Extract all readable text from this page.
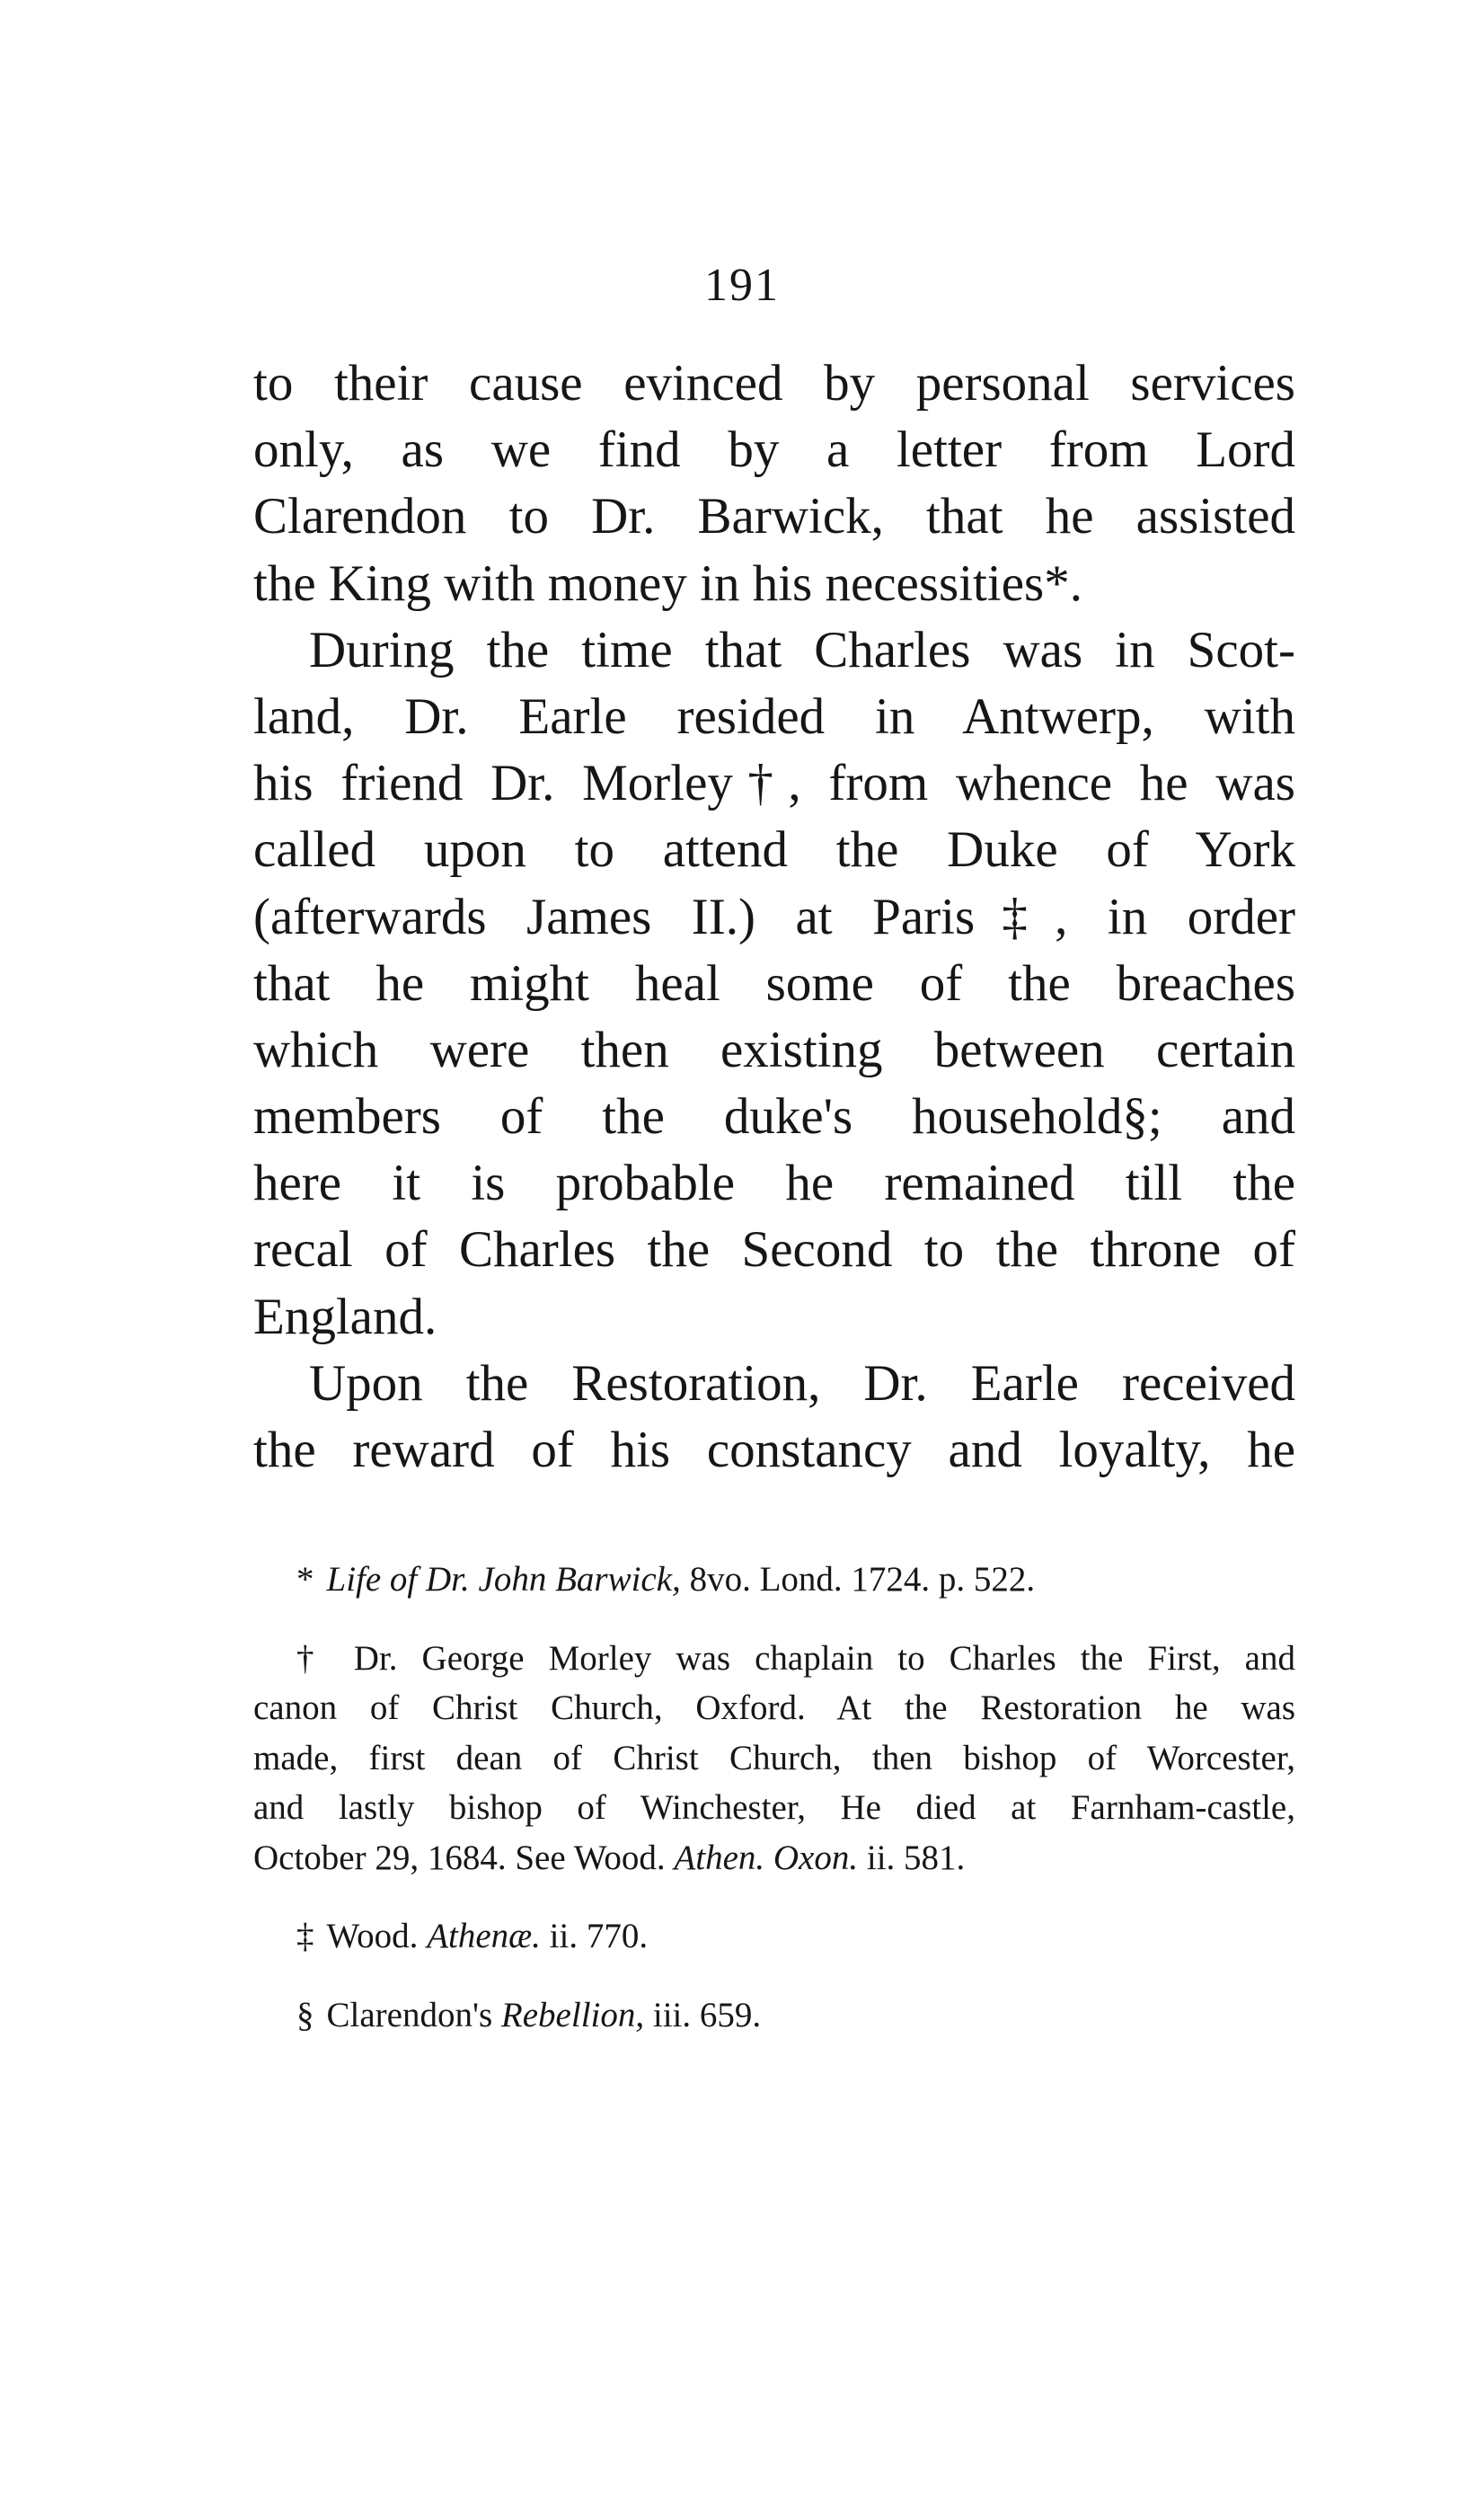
191
to their cause evinced by personal services
only, as we find by a letter from Lord
Clarendon to Dr. Barwick, that he assisted
the King with money in his necessities*.
During the time that Charles was in Scot-
land, Dr. Earle resided in Antwerp, with
his friend Dr. Morley†, from whence he was
called upon to attend the Duke of York
(afterwards James II.) at Paris‡, in order
that he might heal some of the breaches
which were then existing between certain
members of the duke's household§; and
here it is probable he remained till the
recal of Charles the Second to the throne of
England.
Upon the Restoration, Dr. Earle received
the reward of his constancy and loyalty, he
* Life of Dr. John Barwick, 8vo. Lond. 1724. p. 522.
† Dr. George Morley was chaplain to Charles the First, and
canon of Christ Church, Oxford. At the Restoration he was
made, first dean of Christ Church, then bishop of Worcester,
and lastly bishop of Winchester, He died at Farnham-castle,
October 29, 1684. See Wood. Athen. Oxon. ii. 581.
‡ Wood. Athenæ. ii. 770.
§ Clarendon's Rebellion, iii. 659.
